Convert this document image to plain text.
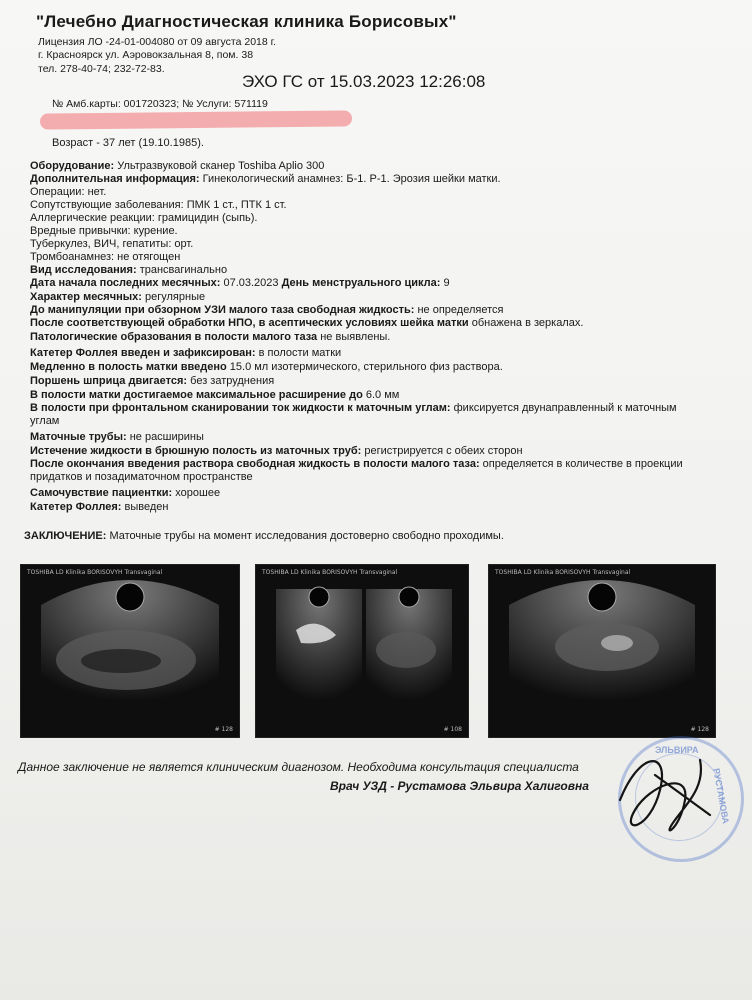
"Лечебно Диагностическая клиника Борисовых"
Лицензия ЛО -24-01-004080 от 09 августа 2018 г.
г. Красноярск ул. Аэровокзальная 8, пом. 38
тел. 278-40-74; 232-72-83.
ЭХО ГС от 15.03.2023 12:26:08
№ Амб.карты: 001720323; № Услуги: 571119
Возраст - 37 лет (19.10.1985).
Оборудование: Ультразвуковой сканер Toshiba Aplio 300
Дополнительная информация: Гинекологический анамнез: Б-1. Р-1. Эрозия шейки матки.
Операции: нет.
Сопутствующие заболевания: ПМК 1 ст., ПТК 1 ст.
Аллергические реакции: грамицидин (сыпь).
Вредные привычки: курение.
Туберкулез, ВИЧ, гепатиты: орт.
Тромбоанамнез: не отягощен
Вид исследования: трансвагинально
Дата начала последних месячных: 07.03.2023 День менструального цикла: 9
Характер месячных: регулярные
До манипуляции при обзорном УЗИ малого таза свободная жидкость: не определяется
После соответствующей обработки НПО, в асептических условиях шейка матки обнажена в зеркалах.
Патологические образования в полости малого таза не выявлены.
Катетер Фоллея введен и зафиксирован: в полости матки
Медленно в полость матки введено 15.0 мл изотермического, стерильного физ раствора.
Поршень шприца двигается: без затруднения
В полости матки достигаемое максимальное расширение до 6.0 мм
В полости при фронтальном сканировании ток жидкости к маточным углам: фиксируется двунаправленный к маточным углам
Маточные трубы: не расширины
Истечение жидкости в брюшную полость из маточных труб: регистрируется с обеих сторон
После окончания введения раствора свободная жидкость в полости малого таза: определяется в количестве в проекции придатков и позадиматочном пространстве
Самочувствие пациентки: хорошее
Катетер Фоллея: выведен
ЗАКЛЮЧЕНИЕ: Маточные трубы на момент исследования достоверно свободно проходимы.
TOSHIBA LD Klinika BORISOVYH Transvaginal
# 128
TOSHIBA LD Klinika BORISOVYH Transvaginal
# 108
TOSHIBA LD Klinika BORISOVYH Transvaginal
# 128
Данное заключение не является клиническим диагнозом. Необходима консультация специалиста
Врач УЗД - Рустамова Эльвира Халиговна
ЭЛЬВИРА
РУСТАМОВА
